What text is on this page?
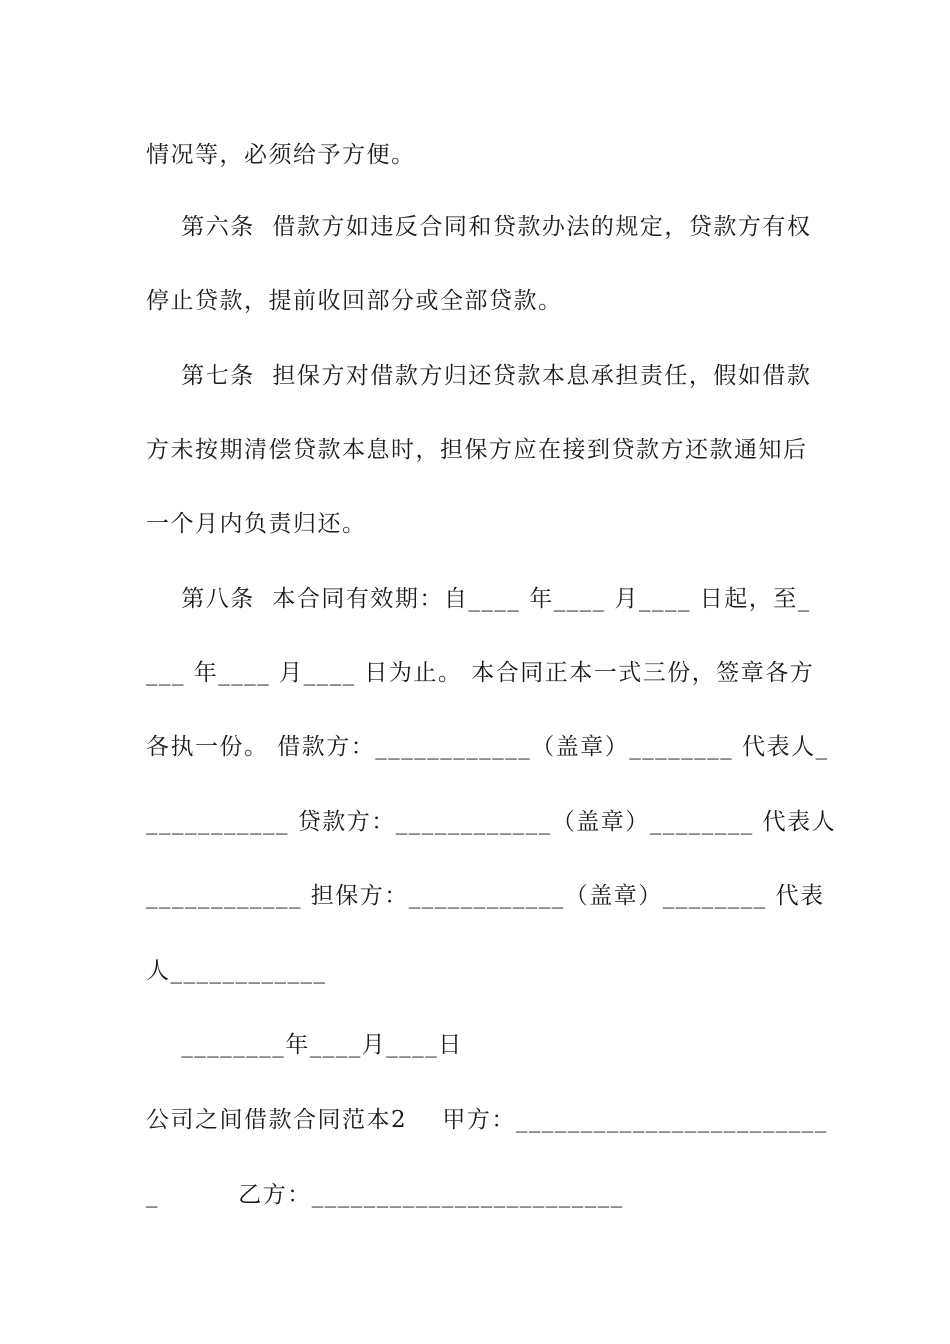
情况等，必须给予方便。
第六条  借款方如违反合同和贷款办法的规定，贷款方有权
停止贷款，提前收回部分或全部贷款。
第七条  担保方对借款方归还贷款本息承担责任，假如借款
方未按期清偿贷款本息时，担保方应在接到贷款方还款通知后
一个月内负责归还。
第八条  本合同有效期：自____ 年____ 月____ 日起，至_
___ 年____ 月____ 日为止。 本合同正本一式三份，签章各方
各执一份。 借款方：____________（盖章）________ 代表人_
___________ 贷款方：____________（盖章）________ 代表人
____________ 担保方：____________（盖章）________ 代表
人____________
________年____月____日
公司之间借款合同范本2    甲方：________________________
_         乙方：________________________
